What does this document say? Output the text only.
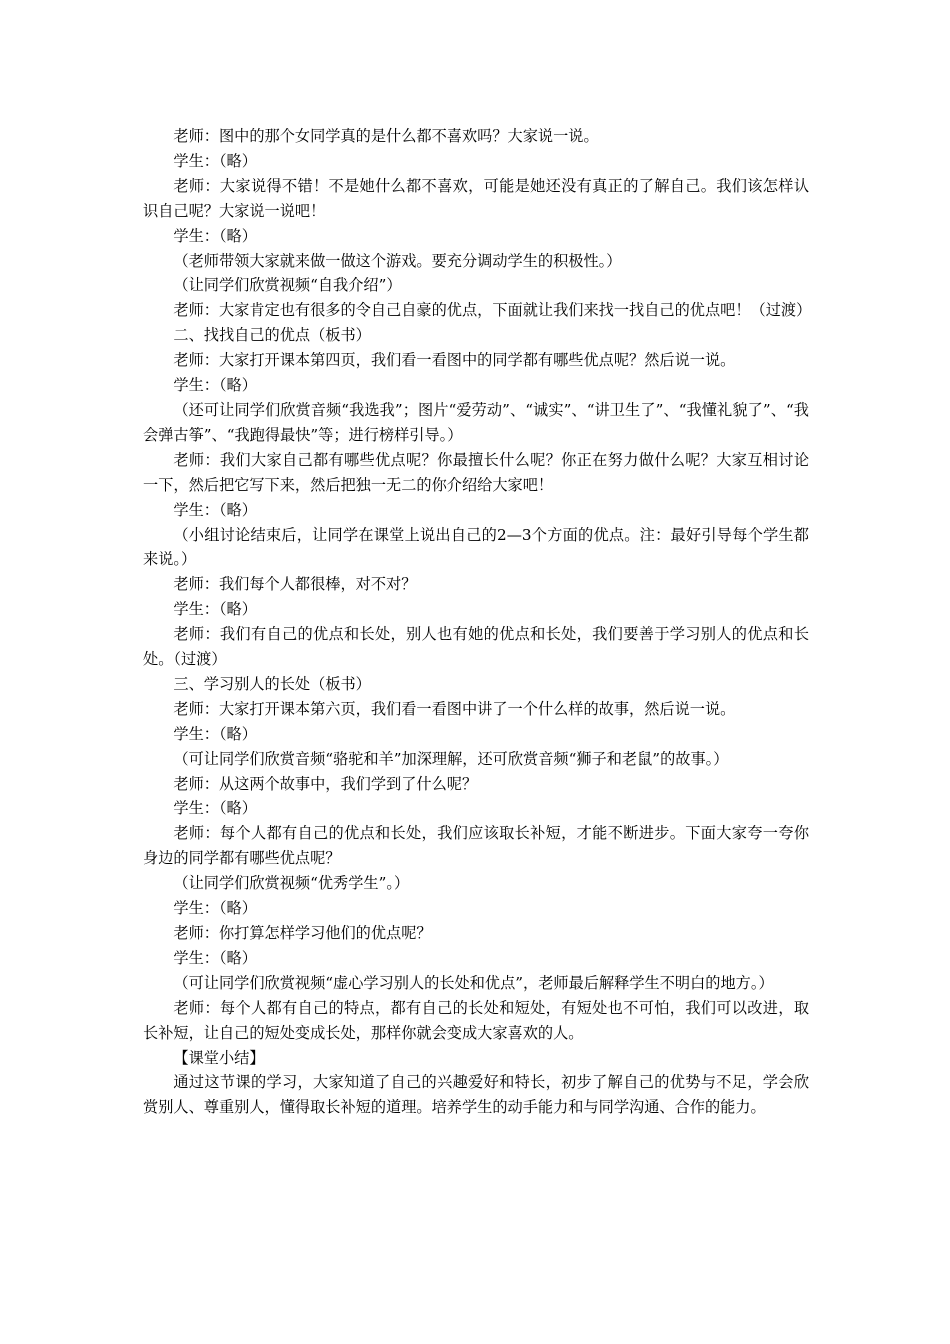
老师：图中的那个女同学真的是什么都不喜欢吗？大家说一说。

学生：（略）

老师：大家说得不错！不是她什么都不喜欢，可能是她还没有真正的了解自己。我们该怎样认识自己呢？大家说一说吧！

学生：（略）

（老师带领大家就来做一做这个游戏。要充分调动学生的积极性。）

（让同学们欣赏视频“自我介绍”）

老师：大家肯定也有很多的令自己自豪的优点，下面就让我们来找一找自己的优点吧！（过渡）

二、找找自己的优点（板书）

老师：大家打开课本第四页，我们看一看图中的同学都有哪些优点呢？然后说一说。

学生：（略）

（还可让同学们欣赏音频“我选我”；图片“爱劳动”、“诚实”、“讲卫生了”、“我懂礼貌了”、“我会弹古筝”、“我跑得最快”等；进行榜样引导。）

老师：我们大家自己都有哪些优点呢？你最擅长什么呢？你正在努力做什么呢？大家互相讨论一下，然后把它写下来，然后把独一无二的你介绍给大家吧！

学生：（略）

（小组讨论结束后，让同学在课堂上说出自己的2—3个方面的优点。注：最好引导每个学生都来说。）

老师：我们每个人都很棒，对不对？

学生：（略）

老师：我们有自己的优点和长处，别人也有她的优点和长处，我们要善于学习别人的优点和长处。（过渡）

三、学习别人的长处（板书）

老师：大家打开课本第六页，我们看一看图中讲了一个什么样的故事，然后说一说。

学生：（略）

（可让同学们欣赏音频“骆驼和羊”加深理解，还可欣赏音频“狮子和老鼠”的故事。）

老师：从这两个故事中，我们学到了什么呢？

学生：（略）

老师：每个人都有自己的优点和长处，我们应该取长补短，才能不断进步。下面大家夸一夸你身边的同学都有哪些优点呢？

（让同学们欣赏视频“优秀学生”。）

学生：（略）

老师：你打算怎样学习他们的优点呢？

学生：（略）

（可让同学们欣赏视频“虚心学习别人的长处和优点”，老师最后解释学生不明白的地方。）

老师：每个人都有自己的特点，都有自己的长处和短处，有短处也不可怕，我们可以改进，取长补短，让自己的短处变成长处，那样你就会变成大家喜欢的人。

【课堂小结】

通过这节课的学习，大家知道了自己的兴趣爱好和特长，初步了解自己的优势与不足，学会欣赏别人、尊重别人，懂得取长补短的道理。培养学生的动手能力和与同学沟通、合作的能力。
